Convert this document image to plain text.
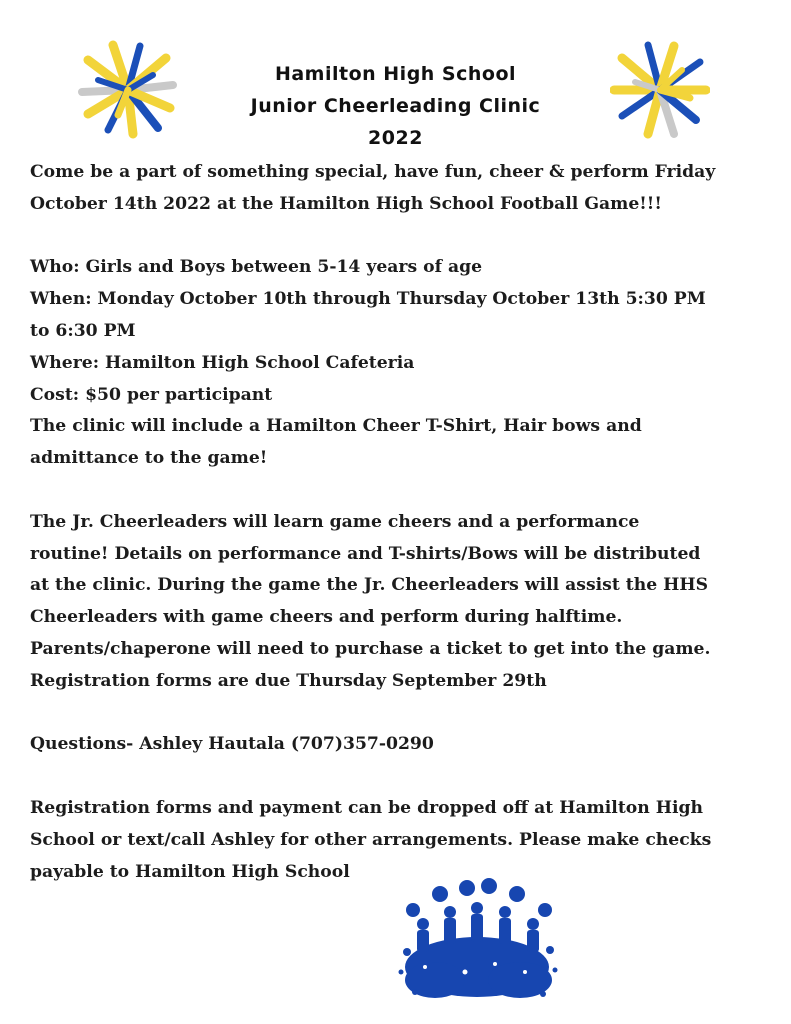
Hamilton High School
Junior Cheerleading Clinic
2022

Come be a part of something special, have fun, cheer & perform Friday

October 14th 2022 at the Hamilton High School Football Game!!!

Who: Girls and Boys between 5-14 years of age

When: Monday October 10th through Thursday October 13th 5:30 PM

to 6:30 PM

Where: Hamilton High School Cafeteria

Cost: $50 per participant

The clinic will include a Hamilton Cheer T-Shirt, Hair bows and

admittance to the game!

The Jr. Cheerleaders will learn game cheers and a performance

routine! Details on performance and T-shirts/Bows will be distributed

at the clinic. During the game the Jr. Cheerleaders will assist the HHS

Cheerleaders with game cheers and perform during halftime.

Parents/chaperone will need to purchase a ticket to get into the game.

Registration forms are due Thursday September 29th

Questions- Ashley Hautala (707)357-0290

Registration forms and payment can be dropped off at Hamilton High

School or text/call Ashley for other arrangements. Please make checks

payable to Hamilton High School
